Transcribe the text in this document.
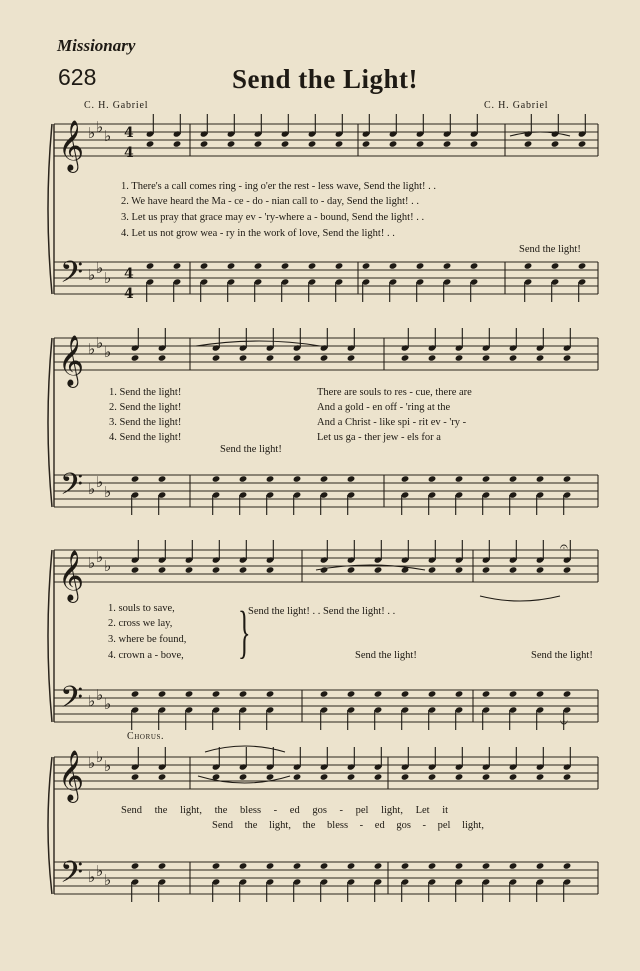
Missionary
628	Send the Light!
C. H. Gabriel	C. H. Gabriel
𝄞
𝄞
𝄞
𝄞
𝄢
𝄢
𝄢
𝄢
♭ ♭ ♭
♭ ♭ ♭
♭ ♭ ♭
♭ ♭ ♭
♭ ♭
♭
♭ ♭
♭
♭ ♭ ♭
♭ ♭ ♭
4
4
4
4
𝄐
𝄑
1. There's a call comes ring - ing o'er the rest - less wave, Send the light! . .
2. We have heard the Ma - ce - do - nian call to - day, Send the light! . .
3. Let us pray that grace may ev - 'ry-where a - bound, Send the light! . .
4. Let us not grow wea - ry in the work of love, Send the light! . .
Send the light!
Send the light!
1. Send the light!	There are souls to res - cue, there are
2. Send the light!	And a gold - en off - 'ring at the
3. Send the light!	And a Christ - like spi - rit ev - 'ry -
4. Send the light!	Let us ga - ther jew - els for a
1. souls to save,
2. cross we lay,
3. where be found,
4. crown a - bove, }
Send the light! . . Send the light! . .
Send the light!	Send the light!
Chorus.
Send the light, the bless - ed gos - pel light, Let it
Send the light, the bless - ed gos - pel light,
